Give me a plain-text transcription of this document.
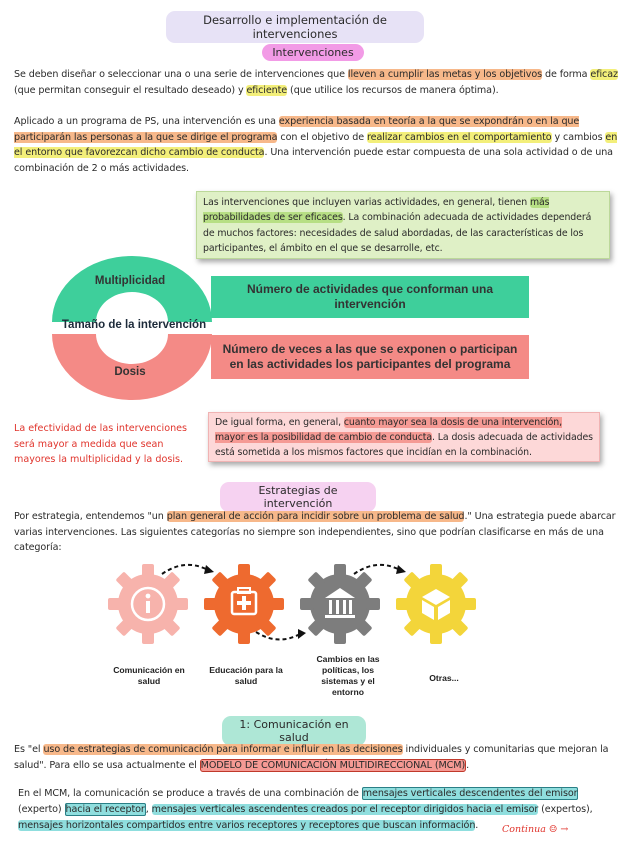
Desarrollo e implementación de intervenciones
Intervenciones
Se deben diseñar o seleccionar una o una serie de intervenciones que lleven a cumplir las metas y los objetivos de forma eficaz (que permitan conseguir el resultado deseado) y eficiente (que utilice los recursos de manera óptima).
Aplicado a un programa de PS, una intervención es una experiencia basada en teoría a la que se expondrán o en la que participarán las personas a la que se dirige el programa con el objetivo de realizar cambios en el comportamiento y cambios en el entorno que favorezcan dicho cambio de conducta. Una intervención puede estar compuesta de una sola actividad o de una combinación de 2 o más actividades.
Las intervenciones que incluyen varias actividades, en general, tienen más probabilidades de ser eficaces. La combinación adecuada de actividades dependerá de muchos factores: necesidades de salud abordadas, de las características de los participantes, el ámbito en el que se desarrolle, etc.
Multiplicidad
Tamaño de la intervención
Dosis
Número de actividades que conforman una intervención
Número de veces a las que se exponen o participan en las actividades los participantes del programa
La efectividad de las intervenciones será mayor a medida que sean mayores la multiplicidad y la dosis.
De igual forma, en general, cuanto mayor sea la dosis de una intervención, mayor es la posibilidad de cambio de conducta. La dosis adecuada de actividades está sometida a los mismos factores que incidían en la combinación.
Estrategias de intervención
Por estrategia, entendemos "un plan general de acción para incidir sobre un problema de salud." Una estrategia puede abarcar varias intervenciones. Las siguientes categorías no siempre son independientes, sino que podrían clasificarse en más de una categoría:
Comunicación en salud
Educación para la salud
Cambios en las políticas, los sistemas y el entorno
Otras...
1: Comunicación en salud
Es "el uso de estrategias de comunicación para informar e influir en las decisiones individuales y comunitarias que mejoran la salud". Para ello se usa actualmente el MODELO DE COMUNICACIÓN MULTIDIRECCIONAL (MCM).
En el MCM, la comunicación se produce a través de una combinación de mensajes verticales descendentes del emisor (experto) hacia el receptor, mensajes verticales ascendentes creados por el receptor dirigidos hacia el emisor (expertos), mensajes horizontales compartidos entre varios receptores y receptores que buscan información.	Continua ☺ →
